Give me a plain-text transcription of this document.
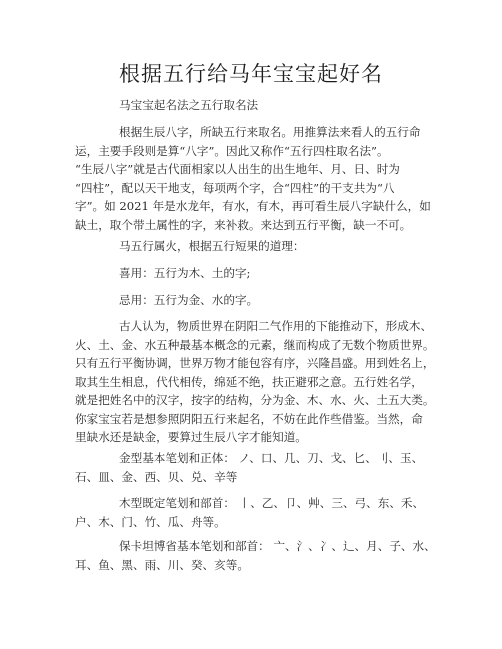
根据五行给马年宝宝起好名
马宝宝起名法之五行取名法
根据生辰八字，所缺五行来取名。用推算法来看人的五行命
运，主要手段则是算“八字”。因此又称作“五行四柱取名法”。
“生辰八字”就是古代面相家以人出生的出生地年、月、日、时为
“四柱”，配以天干地支，每项两个字，合“四柱”的干支共为“八
字”。如 2021 年是水龙年，有水，有木，再可看生辰八字缺什么，如
缺土，取个带土属性的字，来补救。来达到五行平衡，缺一不可。
马五行属火，根据五行短果的道理：
喜用：五行为木、土的字;
忌用：五行为金、水的字。
古人认为，物质世界在阴阳二气作用的下能推动下，形成木、
火、土、金、水五种最基本概念的元素，继而构成了无数个物质世界。
只有五行平衡协调，世界万物才能包容有序，兴隆昌盛。用到姓名上，
取其生生相息，代代相传，绵延不绝，扶正避邪之意。五行姓名学，
就是把姓名中的汉字，按字的结构，分为金、木、水、火、土五大类。
你家宝宝若是想参照阴阳五行来起名，不妨在此作些借鉴。当然，命
里缺水还是缺金，要算过生辰八字才能知道。
金型基本笔划和正体： ノ、口、几、刀、戈、匕、刂、玉、
石、皿、金、西、贝、兑、辛等
木型既定笔划和部首： 丨、乙、卩、艸、三、弓、东、禾、
户、木、门、竹、瓜、舟等。
保卡坦博省基本笔划和部首： 亠、氵、冫、辶、月、子、水、
耳、鱼、黑、雨、川、癸、亥等。
